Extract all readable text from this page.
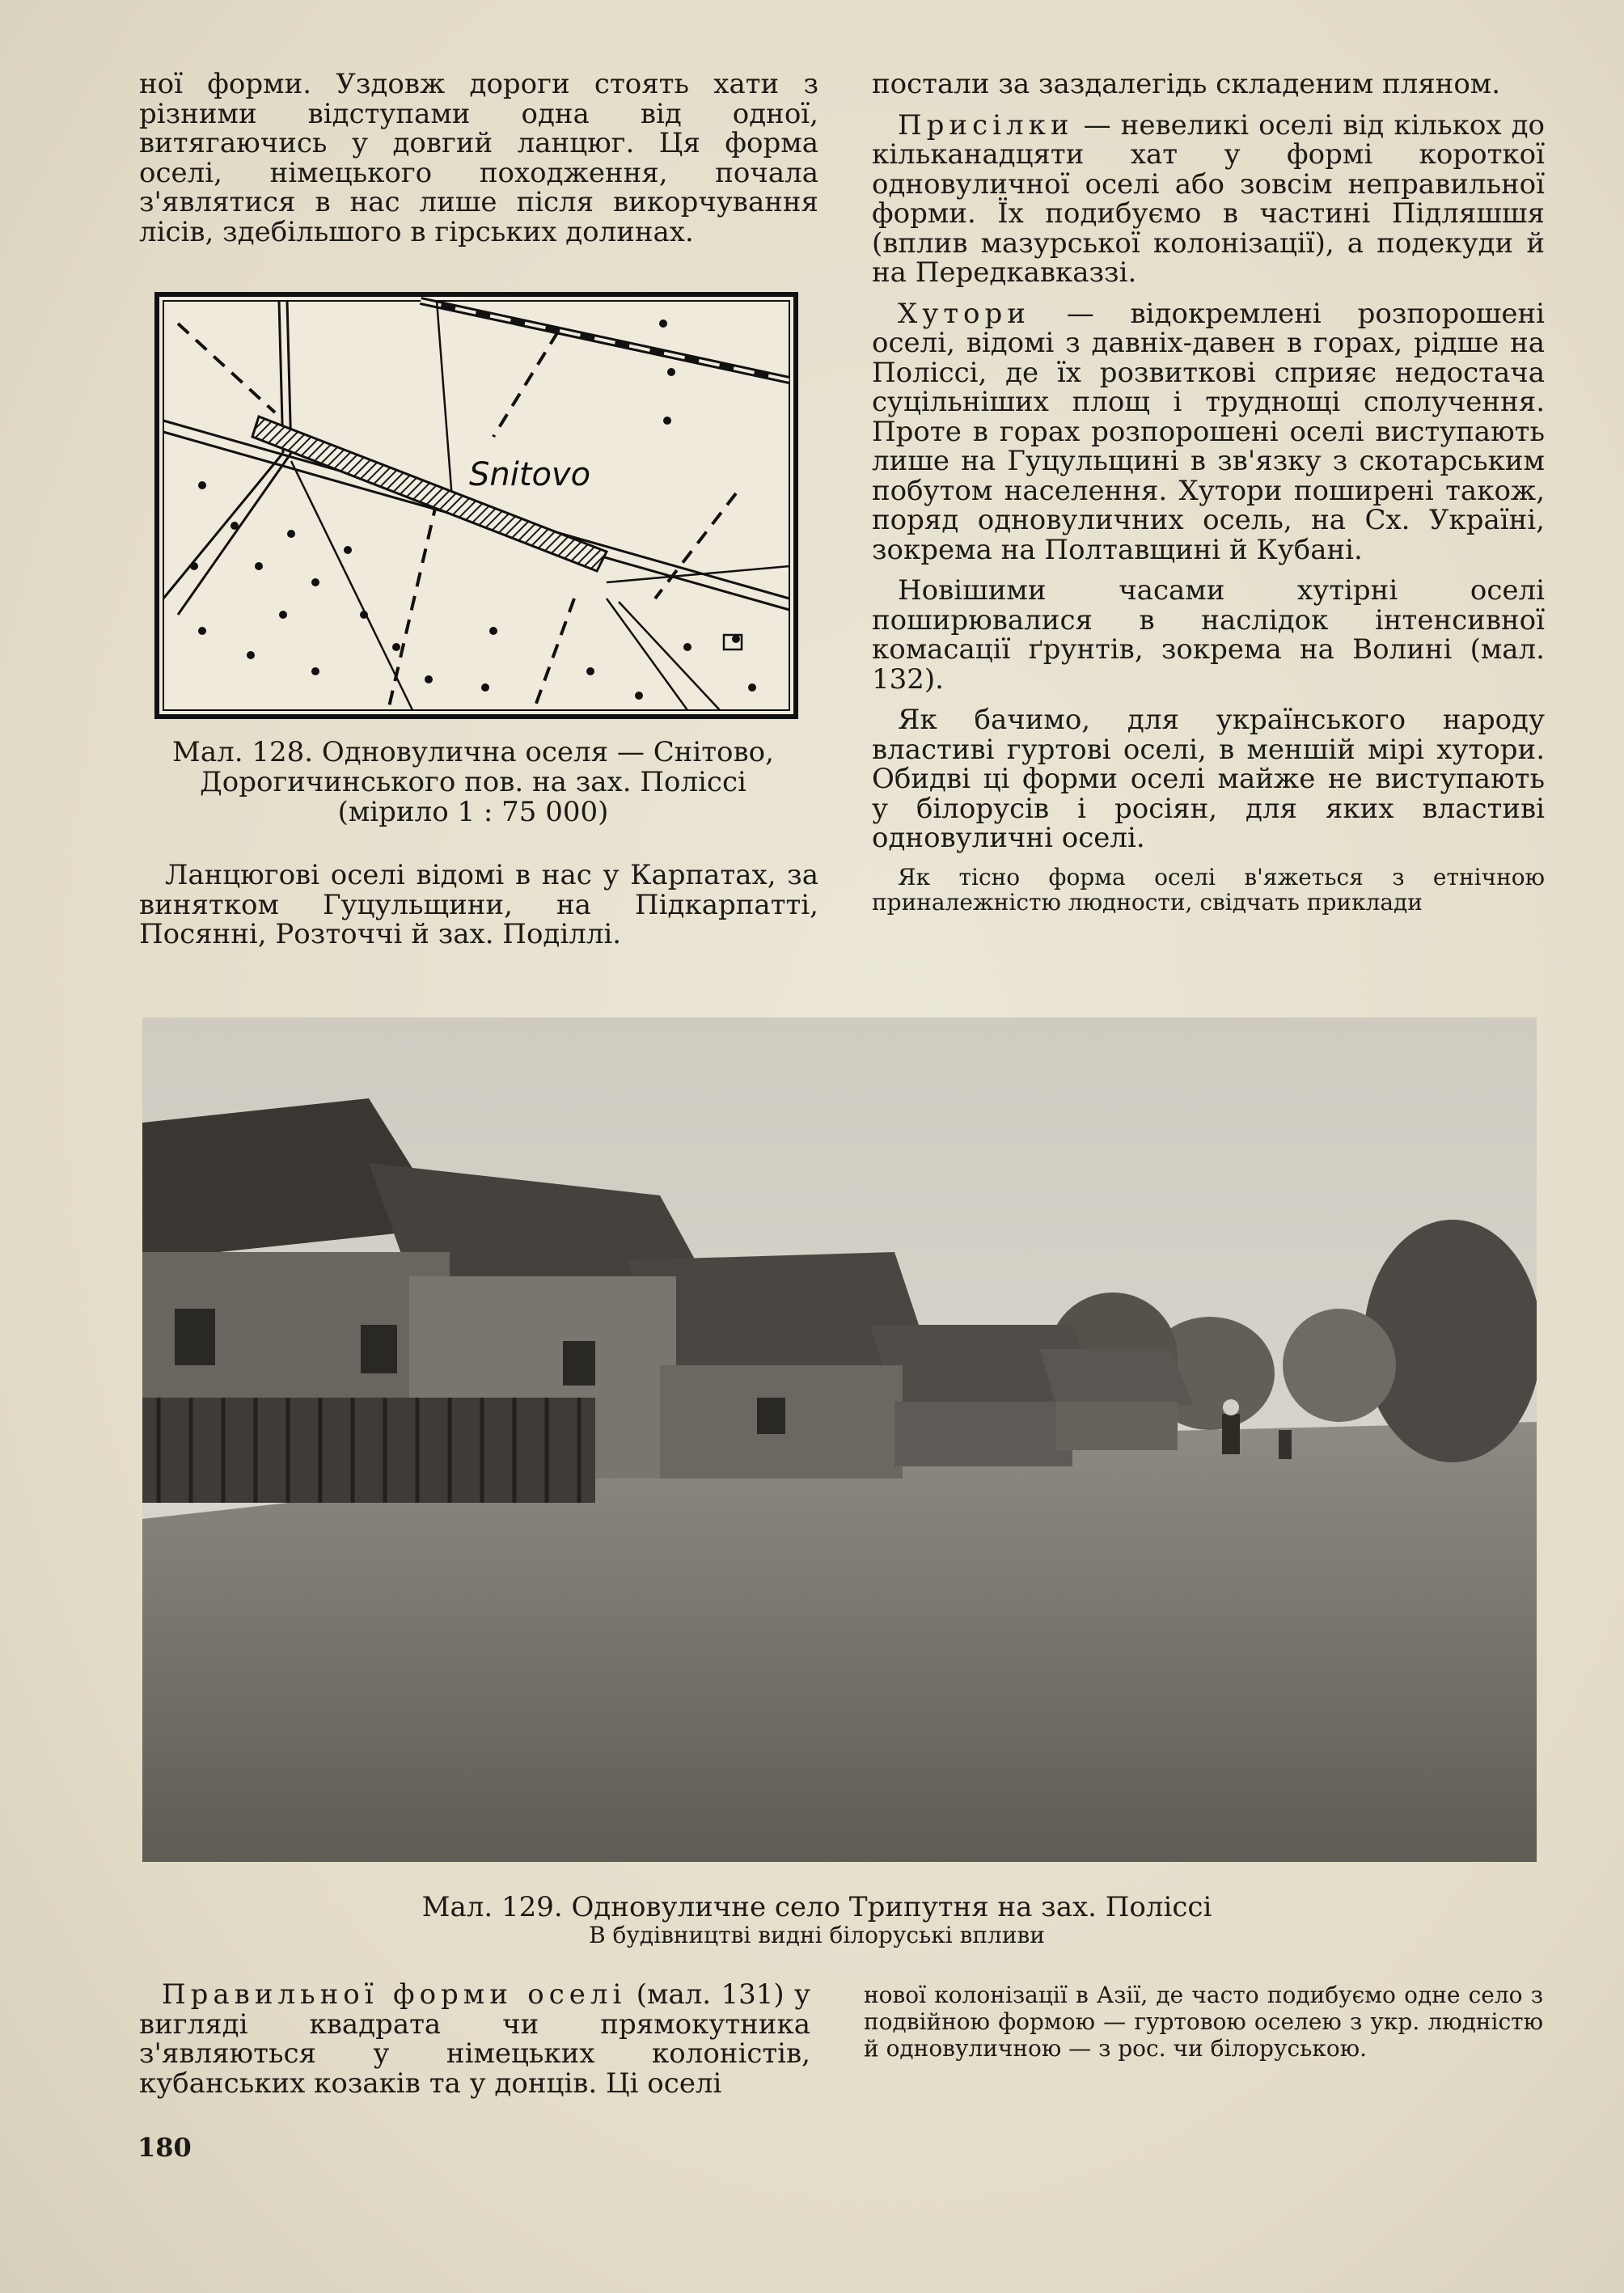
ної форми. Уздовж дороги стоять хати з різними відступами одна від одної, витягаючись у довгий ланцюг. Ця форма оселі, німецького походження, почала з'являтися в нас лише після викорчування лісів, здебільшого в гірських долинах.

постали за заздалегідь складеним пляном.

Присілки — невеликі оселі від кількох до кільканадцяти хат у формі короткої одновуличної оселі або зовсім неправильної форми. Їх подибуємо в частині Підляшшя (вплив мазурської колонізації), а подекуди й на Передкавказзі.

Хутори — відокремлені розпорошені оселі, відомі з давніх-давен в горах, рідше на Поліссі, де їх розвиткові сприяє недостача суцільніших площ і труднощі сполучення. Проте в горах розпорошені оселі виступають лише на Гуцульщині в зв'язку з скотарським побутом населення. Хутори поширені також, поряд одновуличних осель, на Сх. Україні, зокрема на Полтавщині й Кубані.

Новішими часами хутірні оселі поширювалися в наслідок інтенсивної комасації ґрунтів, зокрема на Волині (мал. 132).

Як бачимо, для українського народу властиві гуртові оселі, в меншій мірі хутори. Обидві ці форми оселі майже не виступають у білорусів і росіян, для яких властиві одновуличні оселі.

Як тісно форма оселі в'яжеться з етнічною приналежністю людности, свідчать приклади

Snitovo
Мал. 128. Одновулична оселя — Снітово,
Дорогичинського пов. на зах. Поліссі
(мірило 1 : 75 000)

Ланцюгові оселі відомі в нас у Карпатах, за винятком Гуцульщини, на Підкарпатті, Посянні, Розточчі й зах. Поділлі.

Мал. 129. Одновуличне село Трипутня на зах. Поліссі
В будівництві видні білоруські впливи

Правильної форми оселі (мал. 131) у вигляді квадрата чи прямокутника з'являються у німецьких колоністів, кубанських козаків та у донців. Ці оселі

нової колонізації в Азії, де часто подибуємо одне село з подвійною формою — гуртовою оселею з укр. людністю й одновуличною — з рос. чи білоруською.

180
